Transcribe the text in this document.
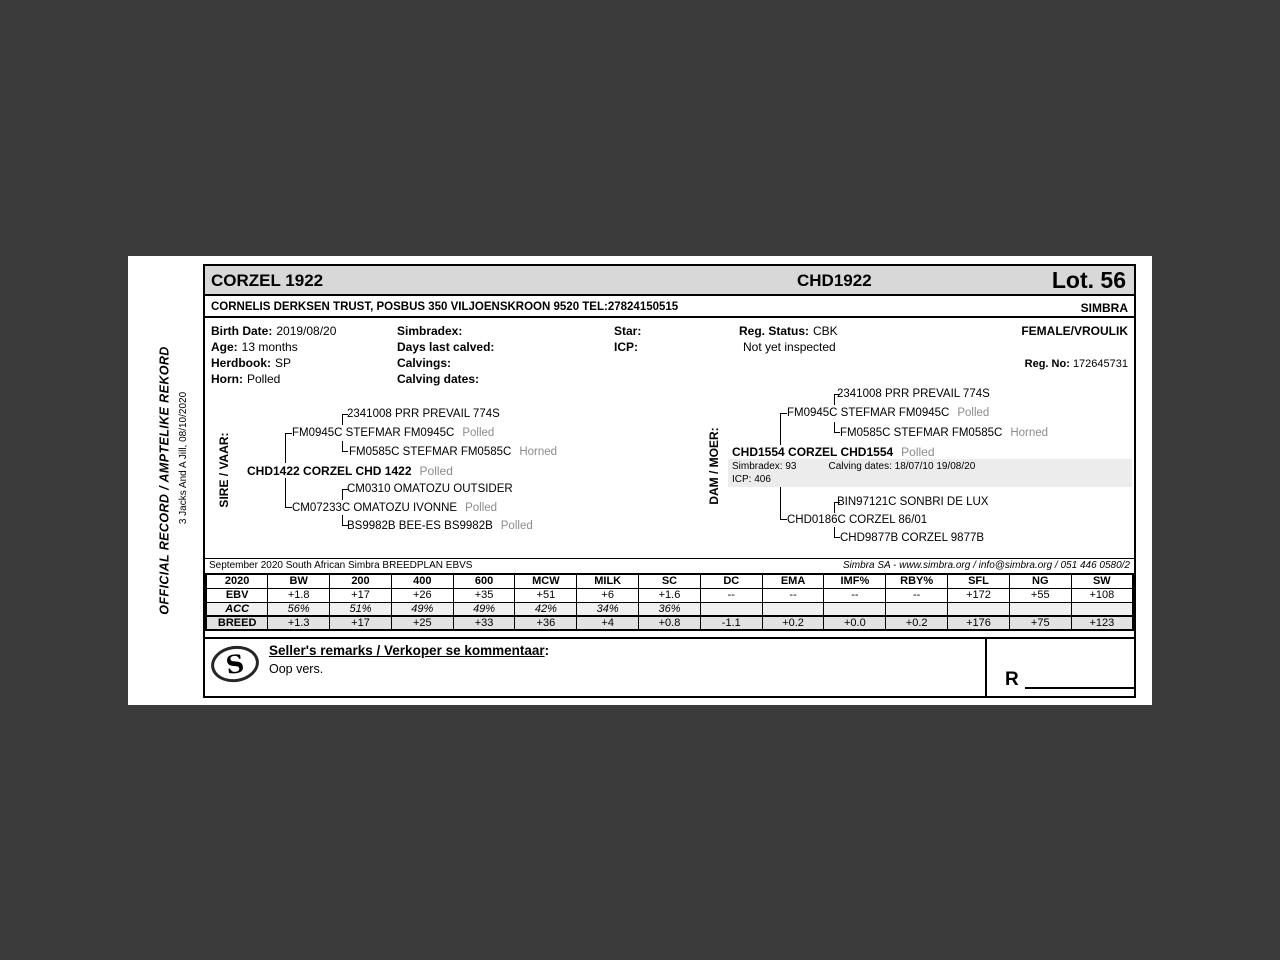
OFFICIAL RECORD / AMPTELIKE REKORD 3 Jacks And A Jill, 08/10/2020
CORZEL 1922	CHD1922	Lot. 56
CORNELIS DERKSEN TRUST, POSBUS 350 VILJOENSKROON 9520 TEL:27824150515	SIMBRA
Birth Date: 2019/08/20
Age: 13 months
Herdbook: SP
Horn: Polled
Simbradex:
Days last calved:
Calvings:
Calving dates:
Star:
ICP:
Reg. Status: CBK
Not yet inspected
FEMALE/VROULIK
Reg. No: 172645731
SIRE / VAAR:	DAM / MOER:
2341008 PRR PREVAIL 774S
FM0945C STEFMAR FM0945C Polled
FM0585C STEFMAR FM0585C Horned
CHD1422 CORZEL CHD 1422 Polled
CM0310 OMATOZU OUTSIDER
CM07233C OMATOZU IVONNE Polled
BS9982B BEE-ES BS9982B Polled
2341008 PRR PREVAIL 774S
FM0945C STEFMAR FM0945C Polled
FM0585C STEFMAR FM0585C Horned
CHD1554 CORZEL CHD1554 Polled
Simbradex: 93	Calving dates: 18/07/10 19/08/20
ICP: 406
BIN97121C SONBRI DE LUX
CHD0186C CORZEL 86/01
CHD9877B CORZEL 9877B
September 2020 South African Simbra BREEDPLAN EBVS	Simbra SA - www.simbra.org / info@simbra.org / 051 446 0580/2
2020	BW	200	400	600	MCW	MILK	SC	DC	EMA	IMF%	RBY%	SFL	NG	SW
EBV	+1.8	+17	+26	+35	+51	+6	+1.6	--	--	--	--	+172	+55	+108
ACC	56%	51%	49%	49%	42%	34%	36%							
BREED	+1.3	+17	+25	+33	+36	+4	+0.8	-1.1	+0.2	+0.0	+0.2	+176	+75	+123
S	Seller's remarks / Verkoper se kommentaar:
Oop vers.	R
